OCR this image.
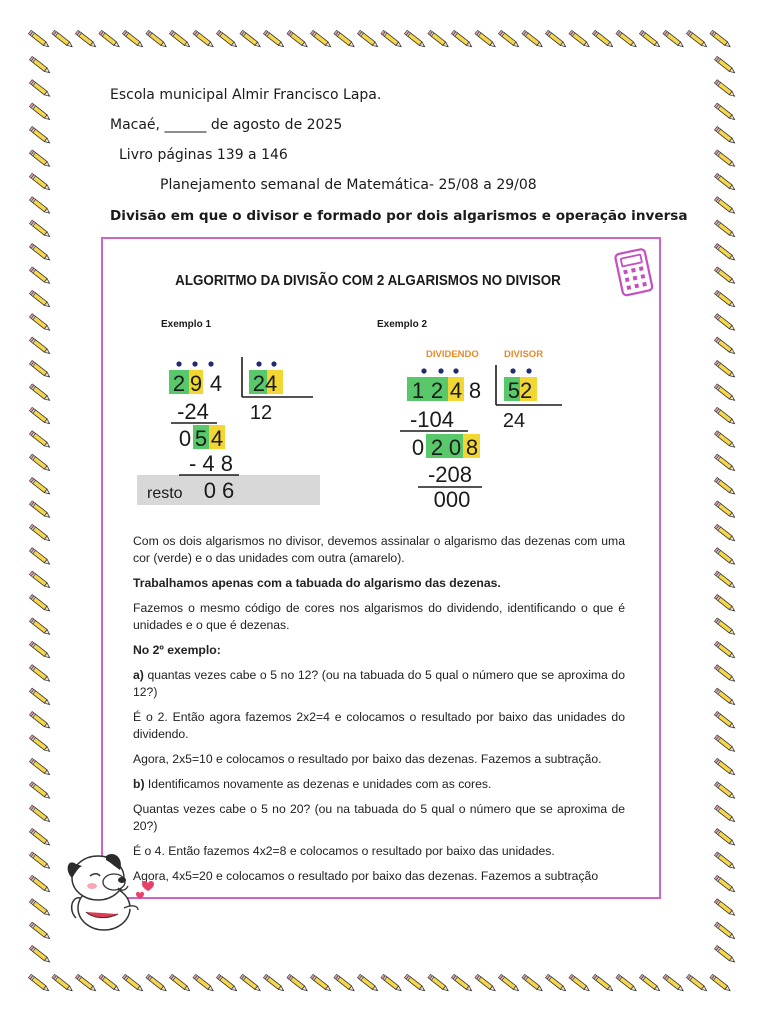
Escola municipal Almir Francisco Lapa.
Macaé, ______ de agosto de 2025
Livro páginas 139 a 146
Planejamento semanal de Matemática- 25/08 a 29/08
Divisão em que o divisor e formado por dois algarismos e operação inversa
ALGORITMO DA DIVISÃO COM 2 ALGARISMOS NO DIVISOR
Exemplo 1	Exemplo 2
2 9 4 24
12
-24
0 5 4
- 4 8
resto 0 6
DIVIDENDO	DIVISOR
1 2 4 8 52
24
-104
0 2 0 8
-208
000

Com os dois algarismos no divisor, devemos assinalar o algarismo das dezenas com uma cor (verde) e o das unidades com outra (amarelo).

Trabalhamos apenas com a tabuada do algarismo das dezenas.

Fazemos o mesmo código de cores nos algarismos do dividendo, identificando o que é unidades e o que é dezenas.

No 2º exemplo:

a) quantas vezes cabe o 5 no 12? (ou na tabuada do 5 qual o número que se aproxima do 12?)

É o 2. Então agora fazemos 2x2=4 e colocamos o resultado por baixo das unidades do dividendo.

Agora, 2x5=10 e colocamos o resultado por baixo das dezenas. Fazemos a subtração.

b) Identificamos novamente as dezenas e unidades com as cores.

Quantas vezes cabe o 5 no 20? (ou na tabuada do 5 qual o número que se aproxima de 20?)

É o 4. Então fazemos 4x2=8 e colocamos o resultado por baixo das unidades.

Agora, 4x5=20 e colocamos o resultado por baixo das dezenas. Fazemos a subtração
